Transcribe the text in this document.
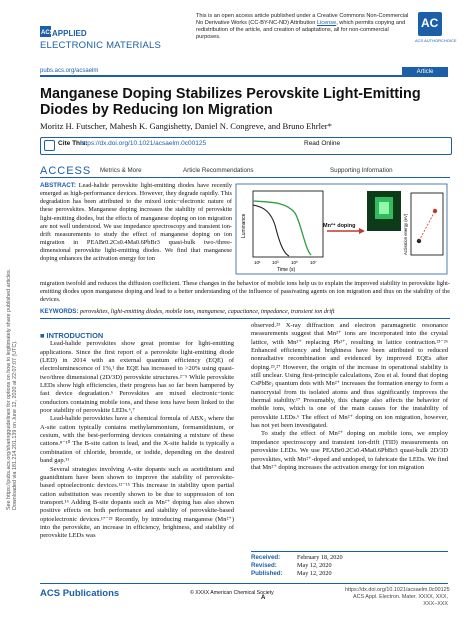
Downloaded via 181.214.201.139 on June 12, 2020 at 22:07:07 (UTC).
See https://pubs.acs.org/sharingguidelines for options on how to legitimately share published articles.
ACS
APPLIED
ELECTRONIC MATERIALS
This is an open access article published under a Creative Commons Non-Commercial No Derivative Works (CC-BY-NC-ND) Attribution License, which permits copying and redistribution of the article, and creation of adaptations, all for non-commercial purposes.
AC
ACS AUTHORCHOICE
pubs.acs.org/acsaelm	Article
Manganese Doping Stabilizes Perovskite Light-Emitting Diodes by Reducing Ion Migration
Moritz H. Futscher, Mahesh K. Gangishetty, Daniel N. Congreve, and Bruno Ehrler*
Cite This:
https://dx.doi.org/10.1021/acsaelm.0c00125	Read Online
ACCESS Metrics & More	Article Recommendations	Supporting Information
ABSTRACT: Lead-halide perovskite light-emitting diodes have recently emerged as high-performance devices. However, they degrade rapidly. This degradation has been attributed to the mixed ionic−electronic nature of these perovskites. Manganese doping increases the stability of perovskite light-emitting diodes, but the effects of manganese doping on ion migration are not well understood. We use impedance spectroscopy and transient ion-drift measurements to study the effect of manganese doping on ion migration in PEABr0.2Cs0.4Ma0.6PbBr3 quasi-bulk two-/three-dimensional perovskite light-emitting diodes. We find that manganese doping enhances the activation energy for ion
Luminance
10¹	10³	10⁵	10⁷
Time (s)
Mn²⁺ doping	Activation energy (eV)
migration twofold and reduces the diffusion coefficient. These changes in the behavior of mobile ions help us to explain the improved stability in perovskite light-emitting diodes upon manganese doping and lead to a better understanding of the influence of passivating agents on ion migration and thus on the stability of the devices.
KEYWORDS: perovskites, light-emitting diodes, mobile ions, manganese, capacitance, impedance, transient ion drift
■ INTRODUCTION

Lead-halide perovskites show great promise for light-emitting applications. Since the first report of a perovskite light-emitting diode (LED) in 2014 with an external quantum efficiency (EQE) of electroluminescence of 1%,¹ the EQE has increased to >20% using quasi-two/three dimensional (2D/3D) perovskite structures.²⁻⁵ While perovskite LEDs show high efficiencies, their progress has so far been hampered by fast device degradation.⁶ Perovskites are mixed electronic−ionic conductors containing mobile ions, and these ions have been linked to the poor stability of perovskite LEDs.⁶,⁷

Lead-halide perovskites have a chemical formula of ABX₃ where the A-site cation typically contains methylammonium, formamidinium, or cesium, with the best-performing devices containing a mixture of these cations.⁸⁻¹⁰ The B-site cation is lead, and the X-site halide is typically a combination of chloride, bromide, or iodide, depending on the desired band gap.¹¹

Several strategies involving A-site dopants such as acetidinium and guanidinium have been shown to improve the stability of perovskite-based optoelectronic devices.¹²⁻¹⁵ This increase in stability upon partial cation substitution was recently shown to be due to suppression of ion transport.¹⁶ Adding B-site dopants such as Mn²⁺ doping has also shown positive effects on both performance and stability of perovskite-based optoelectronic devices.¹⁷⁻²³ Recently, by introducing manganese (Mn²⁺) into the perovskite, an increase in efficiency, brightness, and stability of perovskite LEDs was

observed.²³ X-ray diffraction and electron paramagnetic resonance measurements suggest that Mn²⁺ ions are incorporated into the crystal lattice, with Mn²⁺ replacing Pb²⁺, resulting in lattice contraction.²³⁻²⁶ Enhanced efficiency and brightness have been attributed to reduced nonradiative recombination and evidenced by improved EQEs after doping.²³,²⁷ However, the origin of the increase in operational stability is still unclear. Using first-principle calculations, Zou et al. found that doping CsPbBr₃ quantum dots with Mn²⁺ increases the formation energy to form a nanocrystal from its isolated atoms and thus significantly improves the thermal stability.¹⁷ Presumably, this change also affects the behavior of mobile ions, which is one of the main causes for the instability of perovskite LEDs.⁶ The effect of Mn²⁺ doping on ion migration, however, has not yet been investigated.

To study the effect of Mn²⁺ doping on mobile ions, we employ impedance spectroscopy and transient ion-drift (TID) measurements on perovskite LEDs. We use PEABr0.2Cs0.4Ma0.6PbBr3 quasi-bulk 2D/3D perovskites, with Mn²⁺-doped and undoped, to fabricate the LEDs. We find that Mn²⁺ doping increases the activation energy for ion migration

Received:	February 18, 2020
Revised:	May 12, 2020
Published: May 12, 2020
ACS Publications	© XXXX American Chemical Society
A
https://dx.doi.org/10.1021/acsaelm.0c00125
ACS Appl. Electron. Mater. XXXX, XXX, XXX−XXX
